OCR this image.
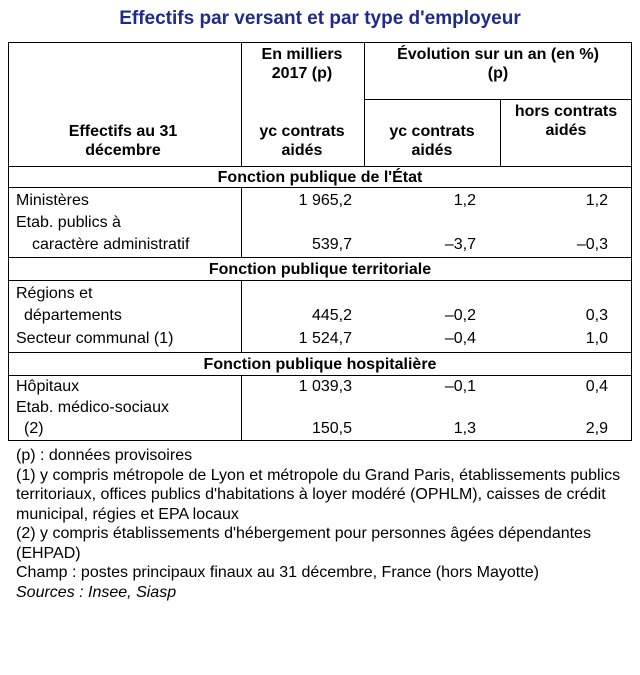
Effectifs par versant et par type d'employeur
En milliers 2017 (p)
Évolution sur un an (en %) (p)
Effectifs au 31 décembre
yc contrats aidés
yc contrats aidés
hors contrats aidés
Fonction publique de l'État
Ministères	1 965,2	1,2	1,2
Etab. publics à
caractère administratif	539,7	–3,7	–0,3
Fonction publique territoriale
Régions et
départements	445,2	–0,2	0,3
Secteur communal (1)	1 524,7	–0,4	1,0
Fonction publique hospitalière
Hôpitaux	1 039,3	–0,1	0,4
Etab. médico-sociaux
(2)	150,5	1,3	2,9
(p) : données provisoires
(1) y compris métropole de Lyon et métropole du Grand Paris, établissements publics territoriaux, offices publics d'habitations à loyer modéré (OPHLM), caisses de crédit municipal, régies et EPA locaux
(2) y compris établissements d'hébergement pour personnes âgées dépendantes (EHPAD)
Champ : postes principaux finaux au 31 décembre, France (hors Mayotte)
Sources : Insee, Siasp
